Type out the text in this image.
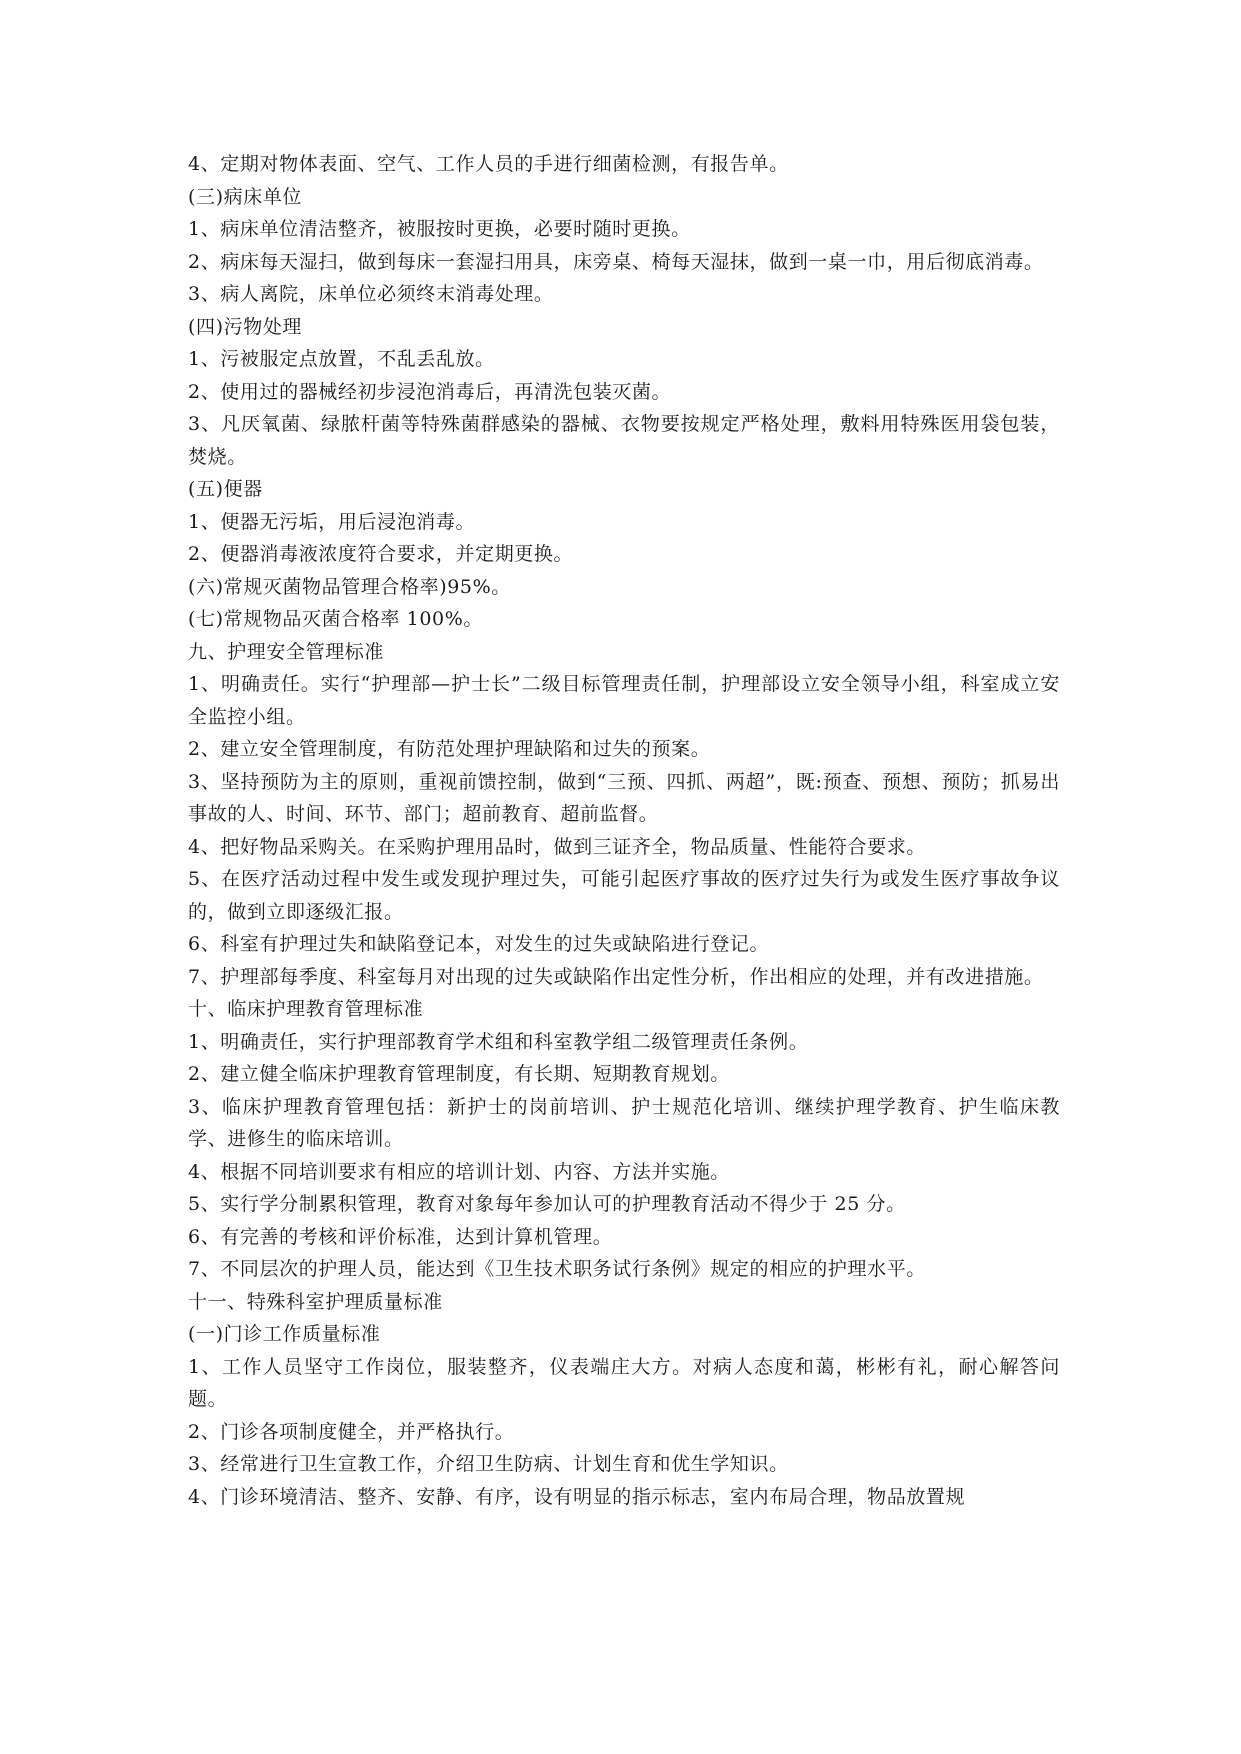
4、定期对物体表面、空气、工作人员的手进行细菌检测，有报告单。

(三)病床单位

1、病床单位清洁整齐，被服按时更换，必要时随时更换。

2、病床每天湿扫，做到每床一套湿扫用具，床旁桌、椅每天湿抹，做到一桌一巾，用后彻底消毒。

3、病人离院，床单位必须终末消毒处理。

(四)污物处理

1、污被服定点放置，不乱丢乱放。

2、使用过的器械经初步浸泡消毒后，再清洗包装灭菌。

3、凡厌氧菌、绿脓杆菌等特殊菌群感染的器械、衣物要按规定严格处理，敷料用特殊医用袋包装，焚烧。

(五)便器

1、便器无污垢，用后浸泡消毒。

2、便器消毒液浓度符合要求，并定期更换。

(六)常规灭菌物品管理合格率)95%。

(七)常规物品灭菌合格率 100%。

九、护理安全管理标准

1、明确责任。实行“护理部—护士长”二级目标管理责任制，护理部设立安全领导小组，科室成立安全监控小组。

2、建立安全管理制度，有防范处理护理缺陷和过失的预案。

3、坚持预防为主的原则，重视前馈控制，做到“三预、四抓、两超”，既:预查、预想、预防；抓易出事故的人、时间、环节、部门；超前教育、超前监督。

4、把好物品采购关。在采购护理用品时，做到三证齐全，物品质量、性能符合要求。

5、在医疗活动过程中发生或发现护理过失，可能引起医疗事故的医疗过失行为或发生医疗事故争议的，做到立即逐级汇报。

6、科室有护理过失和缺陷登记本，对发生的过失或缺陷进行登记。

7、护理部每季度、科室每月对出现的过失或缺陷作出定性分析，作出相应的处理，并有改进措施。

十、临床护理教育管理标准

1、明确责任，实行护理部教育学术组和科室教学组二级管理责任条例。

2、建立健全临床护理教育管理制度，有长期、短期教育规划。

3、临床护理教育管理包括：新护士的岗前培训、护士规范化培训、继续护理学教育、护生临床教学、进修生的临床培训。

4、根据不同培训要求有相应的培训计划、内容、方法并实施。

5、实行学分制累积管理，教育对象每年参加认可的护理教育活动不得少于 25 分。

6、有完善的考核和评价标准，达到计算机管理。

7、不同层次的护理人员，能达到《卫生技术职务试行条例》规定的相应的护理水平。

十一、特殊科室护理质量标准

(一)门诊工作质量标准

1、工作人员坚守工作岗位，服装整齐，仪表端庄大方。对病人态度和蔼，彬彬有礼，耐心解答问题。

2、门诊各项制度健全，并严格执行。

3、经常进行卫生宣教工作，介绍卫生防病、计划生育和优生学知识。

4、门诊环境清洁、整齐、安静、有序，设有明显的指示标志，室内布局合理，物品放置规
